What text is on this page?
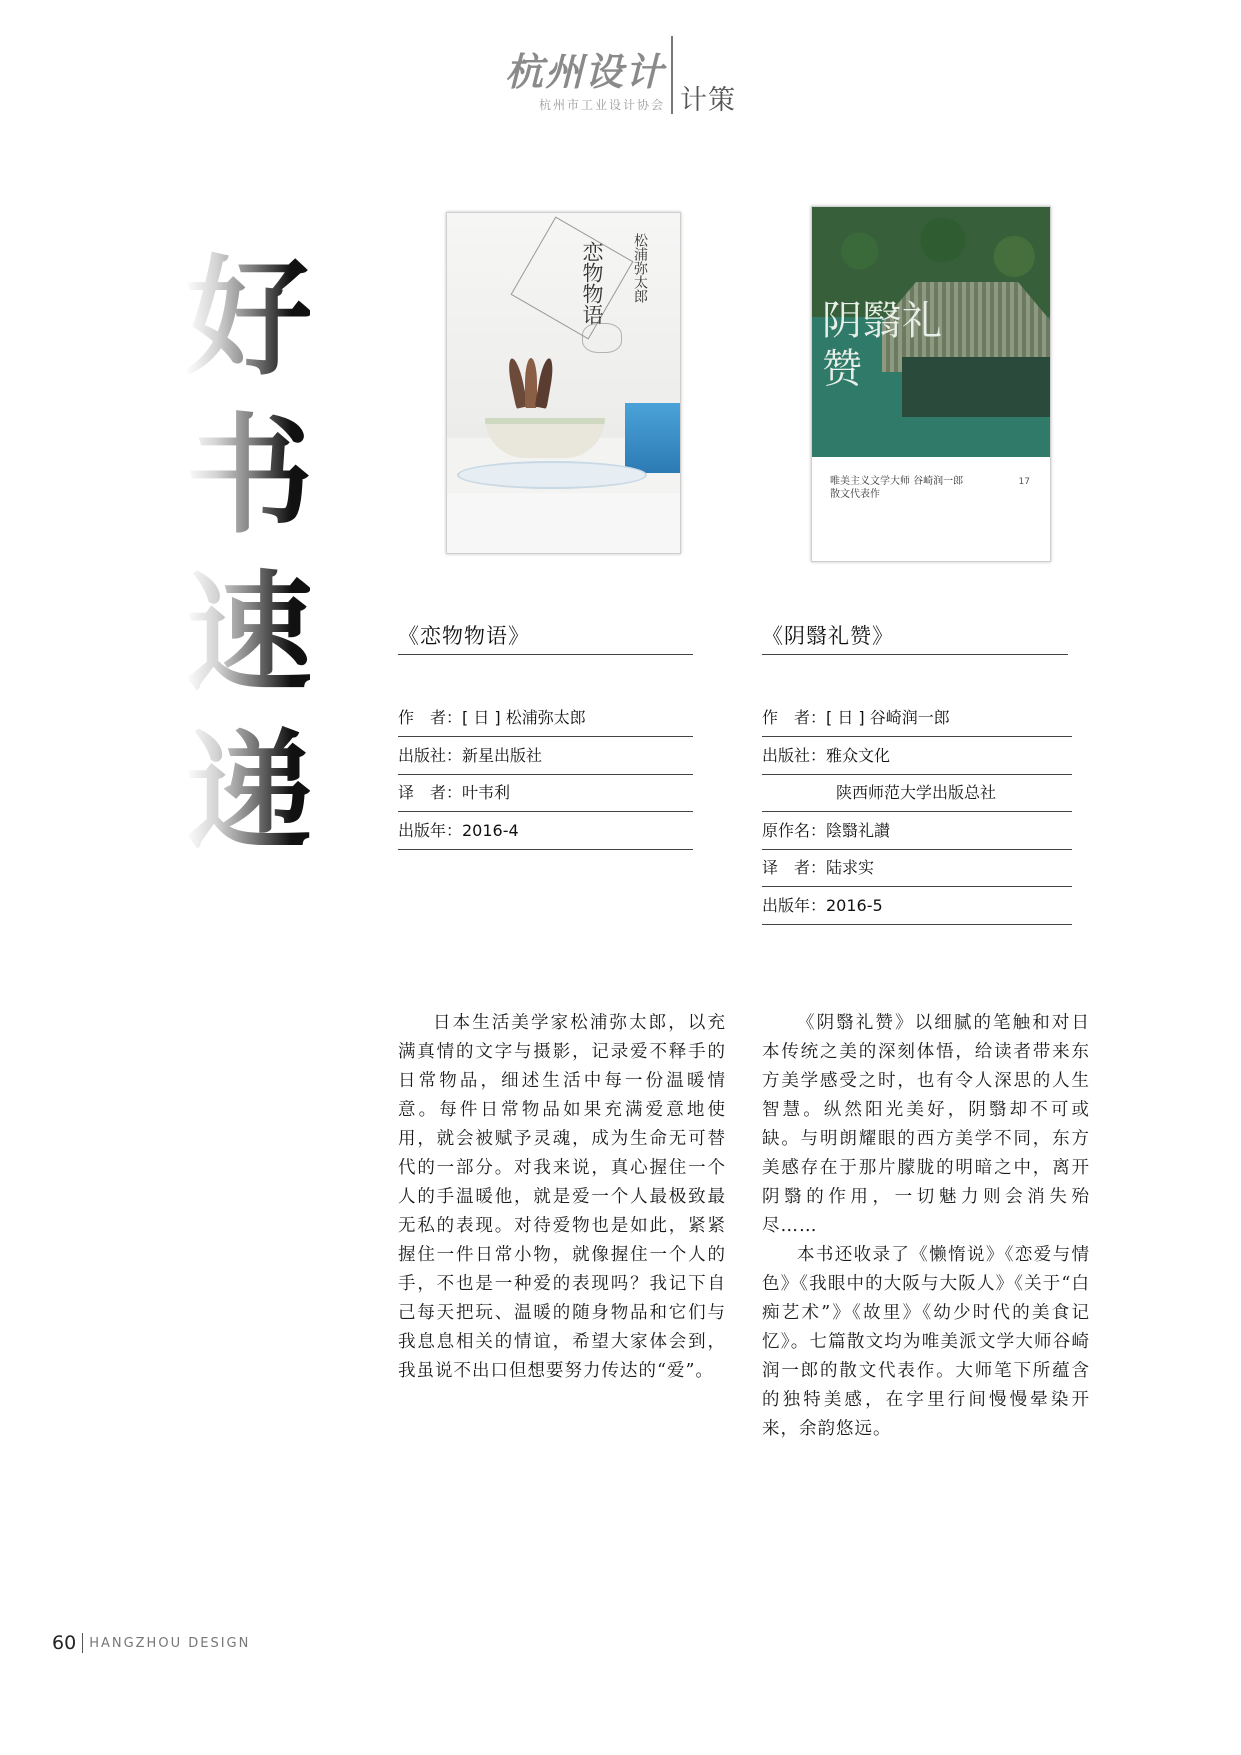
杭州设计
杭州市工业设计协会 计策
好
书
速
递
恋物物语 松浦弥太郎
阴翳礼赞
唯美主义文学大师 谷崎润一郎
散文代表作
17
《恋物物语》	《阴翳礼赞》
作　者：[ 日 ] 松浦弥太郎
出版社：新星出版社
译　者：叶韦利
出版年：2016-4
作　者：[ 日 ] 谷崎润一郎
出版社：雅众文化
陕西师范大学出版总社
原作名：陰翳礼讃
译　者：陆求实
出版年：2016-5

日本生活美学家松浦弥太郎，以充满真情的文字与摄影，记录爱不释手的日常物品，细述生活中每一份温暖情意。每件日常物品如果充满爱意地使用，就会被赋予灵魂，成为生命无可替代的一部分。对我来说，真心握住一个人的手温暖他，就是爱一个人最极致最无私的表现。对待爱物也是如此，紧紧握住一件日常小物，就像握住一个人的手，不也是一种爱的表现吗？我记下自己每天把玩、温暖的随身物品和它们与我息息相关的情谊，希望大家体会到，我虽说不出口但想要努力传达的“爱”。

《阴翳礼赞》以细腻的笔触和对日本传统之美的深刻体悟，给读者带来东方美学感受之时，也有令人深思的人生智慧。纵然阳光美好，阴翳却不可或缺。与明朗耀眼的西方美学不同，东方美感存在于那片朦胧的明暗之中，离开阴翳的作用，一切魅力则会消失殆尽……

本书还收录了《懒惰说》《恋爱与情色》《我眼中的大阪与大阪人》《关于“白痴艺术”》《故里》《幼少时代的美食记忆》。七篇散文均为唯美派文学大师谷崎润一郎的散文代表作。大师笔下所蕴含的独特美感，在字里行间慢慢晕染开来，余韵悠远。

60 HANGZHOU DESIGN
